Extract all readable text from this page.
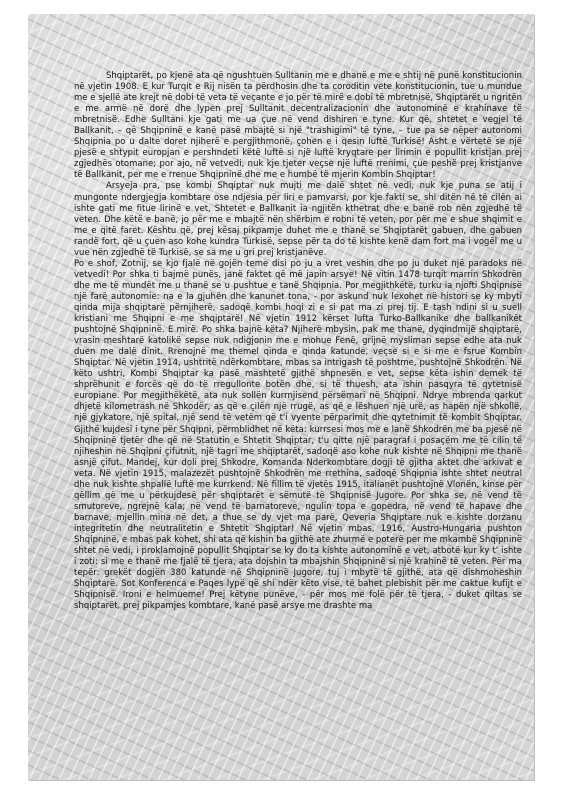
Shqiptarët, po kjenë ata që ngushtuen Sulltanin me e dhanë e me e shtij në punë konstitucionin në vjetin 1908. E kur Turqit e Rij nisën ta përdhosin dhe ta coroditin vete konstitucionin, tue u mundue me e sjellë ate krejt në dobi të veta të veçante e jo për të mirë e dobi të mbretnisë, Shqiptarët u ngritën e me armë në dorë dhe lypen prej Sulltanit decentralizacionin dhe autonominë e krahinave të mbretnisë. Edhe Sulltani kje gati me ua çue në vend dishiren e tyne. Kur që, shtetet e vegjel të Ballkanit, – që Shqipninë e kanë pasë mbajtë si një "trashigimi" të tyne, – tue pa se nëper autonomi Shqipnia po u dalte doret njiherë e pergjithmonë, çohen e i qesin luftë Turkisë! Asht e vërtetë se një pjesë e shtypit europjan e pershndeti këtë luftë si një luftë kryqtare per lirimin e popullit kristjan prej zgjedhës otomane; por ajo, në vetvedi, nuk kje tjeter veçse një luftë rrenimi, çue peshë prej kristjanve të Ballkanit, per me e rrenue Shqipninë dhe me e humbë të mjerin Kombin Shqiptar!

Arsyeja pra, pse kombi Shqiptar nuk mujti me dalë shtet në vedi, nuk kje puna se atij i mungonte ndergjegja kombtare ose ndjesia për liri e pamvarsi, por kje fakti se, shi ditën në të cilën ai ishte gati me fitue lirinë e vet, Shtetet e Ballkanit ia ngjitën kthetrat dhe e banë rob nën zgjedhë të veten. Dhe këtë e banë, jo për me e mbajtë nën shërbim e robni të veten, por për me e shue shqimit e me e qitë faret. Kështu që, prej kësaj pikpamje duhet me e thanë se Shqiptarët gabuen, dhe gabuen randë fort, që u çuen aso kohe kundra Turkisë, sepse për ta do të kishte kenë dam fort ma i vogël me u vue nën zgjedhë të Turkisë, se sa me u gri prej kristjanëve.

Po e shof, Zotnij, se kjo fjalë në gojën teme disi po ju a vret veshin dhe po ju duket një paradoks në vetvedi! Por shka ti bajmë punës, janë faktet që më japin arsye! Në vitin 1478 turqit marrin Shkodrën dhe me të mundët me u thanë se u pushtue e tanë Shqipnia. Por megjithkëtë, turku ia njofti Shqipnisë një farë autonomie: na e la gjuhën dhe kanunet tona, - por askund nuk lexohet në histori se ky mbyti qinda mija shqiptarë përnjiherë, sadoqë kombi hoqi zi e si pat ma zi prej tij. E tash ndini si u suell kristiani me Shqipni e me shqiptarë! Në vjetin 1912 kërset lufta Turko-Ballkanike dhe ballkanikët pushtojnë Shqipninë. E mirë. Po shka bajnë këta? Njiherë mbysin, pak me thanë, dyqindmijë shqiptarë, vrasin meshtarë katolikë sepse nuk ndigjonin me e mohue Fenë, grijnë mysliman sepse edhe ata nuk duen me dalë dinit. Rrenojnë me themel qinda e qinda katunde, veçse si e si me e fsrue Kombin Shqiptar. Në vjetin 1914, ushtritë ndërkombtare, mbas sa intrigash të poshtme, pushtojnë Shkodrën. Në këto ushtri, Kombi Shqiptar ka pasë mashtetë gjithë shpnesën e vet, sepse këta ishin demek të shprëhunit e forcës që do të rregullonte botën dhe, si të thuesh, ata ishin pasqyra të qytetnisë europiane. Por megjithëkëtë, ata nuk sollën kurrnjisend përsëmari në Shqipni. Ndrye mbrenda qarkut dhjetë kilometrash në Shkodër, as që e çilën një rrugë, as që e lëshuen një urë, as hapën një shkollë, një gjykatore, një spital, një send të vetëm që t'i vyente përparimit dhe qytetnimit të kombit Shqiptar. Gjithë kujdesi i tyne për Shqipni, përmblidhet në këta: kurrsesi mos me e lanë Shkodrën me ba pjesë në Shqipninë tjetër dhe që në Statutin e Shtetit Shqiptar, t'u qitte një paragraf i posaçëm me të cilin të njiheshin në Shqipni çifutnit, një tagri me shqiptarët, sadoqë aso kohe nuk kishte në Shqipni me thanë asnjë çifut. Mandej, kur doli prej Shkodre, Komanda Nderkombtare dogji të gjitha aktet dhe arkivat e veta. Në vjetin 1915, malazezët pushtojnë Shkodrën me rrethina, sadoqë Shqipnia ishte shtet neutral dhe nuk kishte shpallë luftë me kurrkend. Në fillim të vjetës 1915, italianët pushtojnë Vlonën, kinse për qëllim që me u përkujdesë për shqiptarët e sëmutë të Shqipnisë Jugore. Por shka se, në vend të smutoreve, ngrejnë kala; në vend të barnatoreve, ngulin topa e gopedra, në vend të hapave dhe barnave, mjellin mina në det, a thue se dy vjet ma parë, Qeveria Shqiptare nuk e kishte dorzanu integritetin dhe neutralitetin e Shtetit Shqiptar! Në vjetin mbas, 1916, Austro-Hungaria pushton Shqipninë, e mbas pak kohet, shi ata që kishin ba gjithë ate zhurmë e poterë per me mkambë Shqipninë shtet në vedi, i proklamojnë popullit Shqiptar se ky do ta kishte autonominë e vet, atbotë kur ky t' ishte i zoti: si me e thanë me fjalë të tjera, ata dojshin ta mbajshin Shqipninë si një krahinë të veten. Për ma tepër: grekët dogjën 380 katunde në Shqipninë Jugore, tuj i mbytë të gjithë, ata që dishmoheshin Shqiptarë. Sot Konferenca e Paqes lypë që shi ndër këto vise, të bahet plebishit për me caktue kufijt e Shqipnisë. Ironi e helmueme! Prej këtyne punëve, - për mos me folë për të tjera, - duket qiltas se shqiptarët, prej pikpamjes kombtare, kanë pasë arsye me drashte ma
